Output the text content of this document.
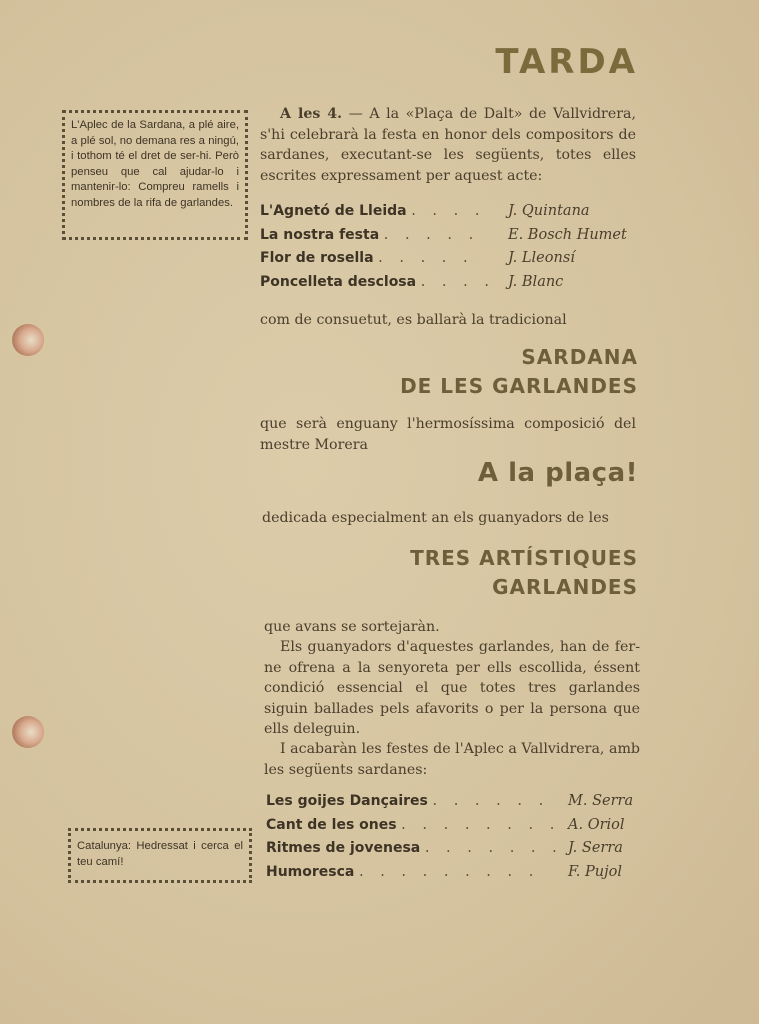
TARDA
L'Aplec de la Sardana, a plé aire, a plé sol, no demana res a ningú, i tothom té el dret de ser-hi. Però penseu que cal ajudar-lo i mantenir-lo: Compreu ramells i nombres de la rifa de garlandes.
Catalunya: Hedressat i cerca el teu camí!
A les 4. — A la «Plaça de Dalt» de Vallvidrera, s'hi celebrarà la festa en honor dels compositors de sardanes, executant-se les següents, totes elles escrites expressament per aquest acte:
L'Agnetó de Lleida . . . . J. Quintana
La nostra festa . . . . . E. Bosch Humet
Flor de rosella . . . . . J. Lleonsí
Poncelleta desclosa . . . . J. Blanc
com de consuetut, es ballarà la tradicional
SARDANA
DE LES GARLANDES
que serà enguany l'hermosíssima composició del mestre Morera
A la plaça!
dedicada especialment an els guanyadors de les
TRES ARTÍSTIQUES
GARLANDES
que avans se sortejaràn.
Els guanyadors d'aquestes garlandes, han de fer-ne ofrena a la senyoreta per ells escollida, éssent condició essencial el que totes tres garlandes siguin ballades pels afavorits o per la persona que ells deleguin.
I acabaràn les festes de l'Aplec a Vallvidrera, amb les següents sardanes:
Les goijes Dançaires . . . . . . M. Serra
Cant de les ones . . . . . . . . A. Oriol
Ritmes de jovenesa . . . . . . . J. Serra
Humoresca . . . . . . . . . F. Pujol
